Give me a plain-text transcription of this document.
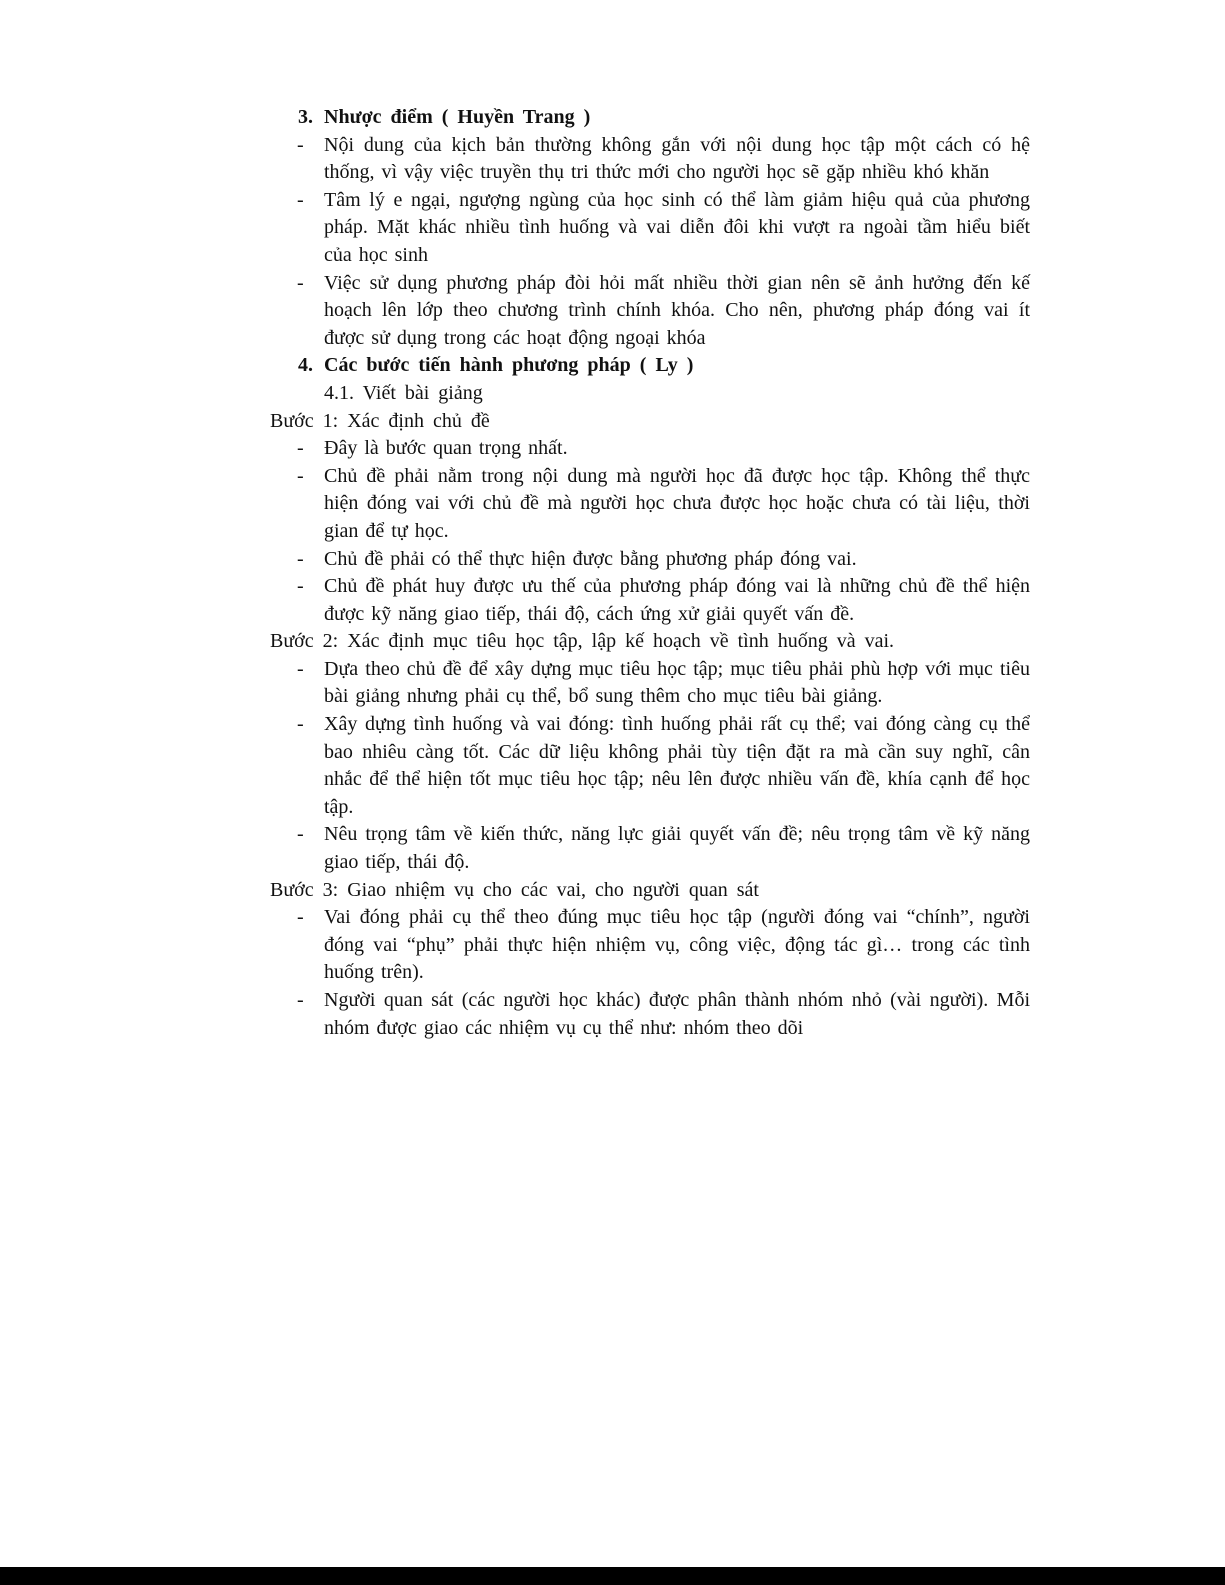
3. Nhược điểm ( Huyền Trang )
- Nội dung của kịch bản thường không gắn với nội dung học tập một cách có hệ thống, vì vậy việc truyền thụ tri thức mới cho người học sẽ gặp nhiều khó khăn
- Tâm lý e ngại, ngượng ngùng của học sinh có thể làm giảm hiệu quả của phương pháp. Mặt khác nhiều tình huống và vai diễn đôi khi vượt ra ngoài tầm hiểu biết của học sinh
- Việc sử dụng phương pháp đòi hỏi mất nhiều thời gian nên sẽ ảnh hưởng đến kế hoạch lên lớp theo chương trình chính khóa. Cho nên, phương pháp đóng vai ít được sử dụng trong các hoạt động ngoại khóa
4. Các bước tiến hành phương pháp ( Ly )
4.1. Viết bài giảng
Bước 1: Xác định chủ đề
- Đây là bước quan trọng nhất.
- Chủ đề phải nằm trong nội dung mà người học đã được học tập. Không thể thực hiện đóng vai với chủ đề mà người học chưa được học hoặc chưa có tài liệu, thời gian để tự học.
- Chủ đề phải có thể thực hiện được bằng phương pháp đóng vai.
- Chủ đề phát huy được ưu thế của phương pháp đóng vai là những chủ đề thể hiện được kỹ năng giao tiếp, thái độ, cách ứng xử giải quyết vấn đề.
Bước 2: Xác định mục tiêu học tập, lập kế hoạch về tình huống và vai.
- Dựa theo chủ đề để xây dựng mục tiêu học tập; mục tiêu phải phù hợp với mục tiêu bài giảng nhưng phải cụ thể, bổ sung thêm cho mục tiêu bài giảng.
- Xây dựng tình huống và vai đóng: tình huống phải rất cụ thể; vai đóng càng cụ thể bao nhiêu càng tốt. Các dữ liệu không phải tùy tiện đặt ra mà cần suy nghĩ, cân nhắc để thể hiện tốt mục tiêu học tập; nêu lên được nhiều vấn đề, khía cạnh để học tập.
- Nêu trọng tâm về kiến thức, năng lực giải quyết vấn đề; nêu trọng tâm về kỹ năng giao tiếp, thái độ.
Bước 3: Giao nhiệm vụ cho các vai, cho người quan sát
- Vai đóng phải cụ thể theo đúng mục tiêu học tập (người đóng vai “chính”, người đóng vai “phụ” phải thực hiện nhiệm vụ, công việc, động tác gì… trong các tình huống trên).
- Người quan sát (các người học khác) được phân thành nhóm nhỏ (vài người). Mỗi nhóm được giao các nhiệm vụ cụ thể như: nhóm theo dõi
